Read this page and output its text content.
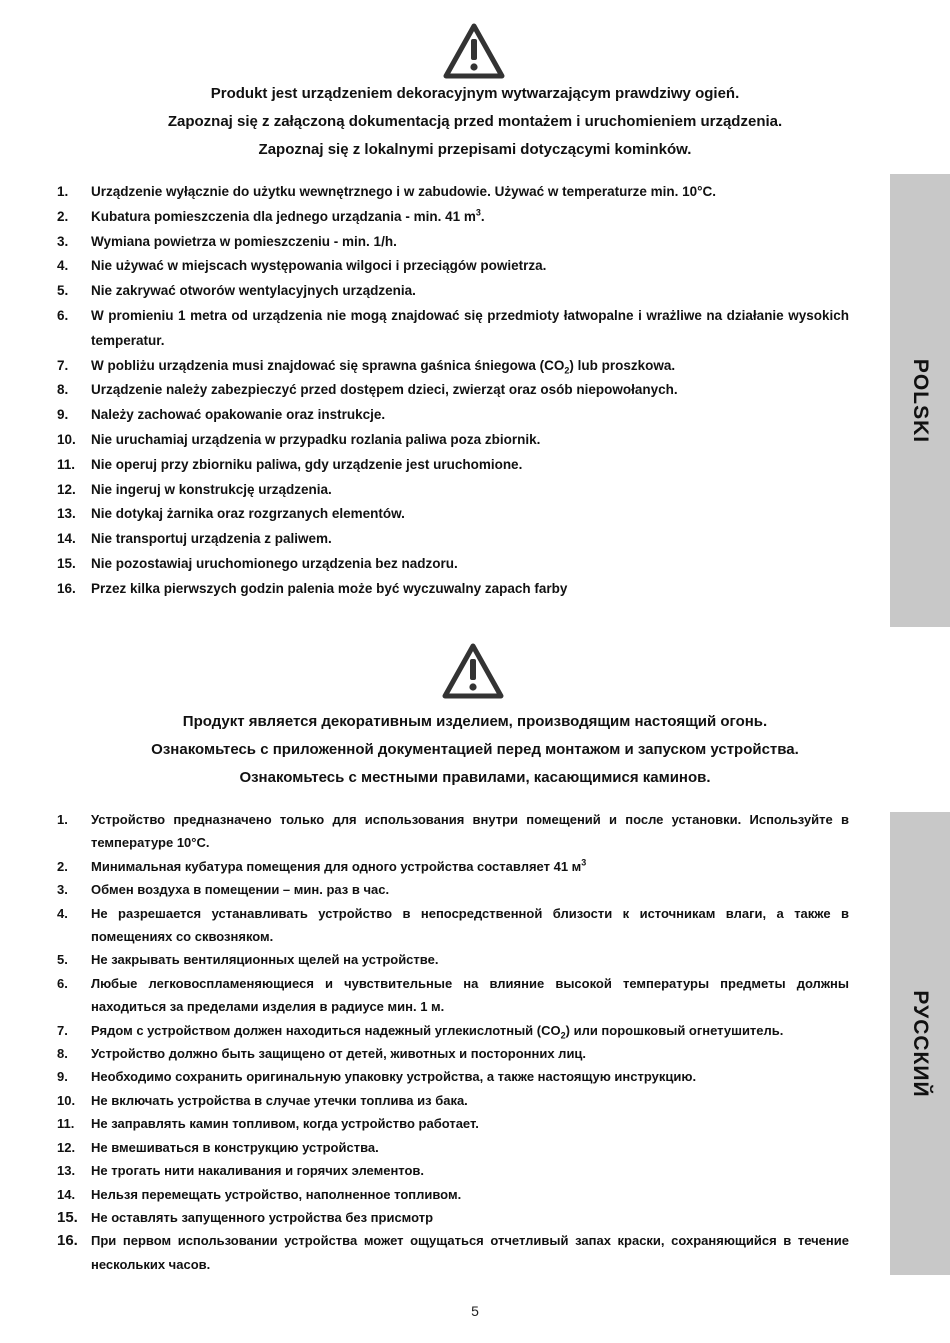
Produkt jest urządzeniem dekoracyjnym wytwarzającym prawdziwy ogień.
Zapoznaj się z załączoną dokumentacją przed montażem i uruchomieniem urządzenia.
Zapoznaj się z lokalnymi przepisami dotyczącymi kominków.
1.	Urządzenie wyłącznie do użytku wewnętrznego i w zabudowie. Używać w temperaturze min. 10°C.
2.	Kubatura pomieszczenia dla jednego urządzania - min. 41 $m^3$.
3.	Wymiana powietrza w pomieszczeniu - min. 1/h.
4.	Nie używać w miejscach występowania wilgoci i przeciągów powietrza.
5.	Nie zakrywać otworów wentylacyjnych urządzenia.
6.	W promieniu 1 metra od urządzenia nie mogą znajdować się przedmioty łatwopalne i wrażliwe na działanie wysokich temperatur.
7.	W pobliżu urządzenia musi znajdować się sprawna gaśnica śniegowa $(CO_2)$ lub proszkowa.
8.	Urządzenie należy zabezpieczyć przed dostępem dzieci, zwierząt oraz osób niepowołanych.
9.	Należy zachować opakowanie oraz instrukcje.
10.	Nie uruchamiaj urządzenia w przypadku rozlania paliwa poza zbiornik.
11.	Nie operuj przy zbiorniku paliwa, gdy urządzenie jest uruchomione.
12.	Nie ingeruj w konstrukcję urządzenia.
13.	Nie dotykaj żarnika oraz rozgrzanych elementów.
14.	Nie transportuj urządzenia z paliwem.
15.	Nie pozostawiaj uruchomionego urządzenia bez nadzoru.
16.	Przez kilka pierwszych godzin palenia może być wyczuwalny zapach farby
POLSKI
Продукт является декоративным изделием, производящим настоящий огонь.
Ознакомьтесь с приложенной документацией перед монтажом и запуском устройства.
Ознакомьтесь с местными правилами, касающимися каминов.
1.	Устройство предназначено только для использования внутри помещений и после установки. Используйте в температуре 10°C.
2.	Минимальная кубатура помещения для одного устройства составляет 41 $м^3$
3.	Обмен воздуха в помещении – мин. раз в час.
4.	Не разрешается устанавливать устройство в непосредственной близости к источникам влаги, а также в помещениях со сквозняком.
5.	Не закрывать вентиляционных щелей на устройстве.
6.	Любые легковоспламеняющиеся и чувствительные на влияние высокой температуры предметы должны находиться за пределами изделия в радиусе мин. 1 м.
7.	Рядом с устройством должен находиться надежный углекислотный $(CO_2)$ или порошковый огнетушитель.
8.	Устройство должно быть защищено от детей, животных и посторонних лиц.
9.	Необходимо сохранить оригинальную упаковку устройства, а также настоящую инструкцию.
10.	Не включать устройства в случае утечки топлива из бака.
11.	Не заправлять камин топливом, когда устройство работает.
12.	Не вмешиваться в конструкцию устройства.
13.	Не трогать нити накаливания и горячих элементов.
14.	Нельзя перемещать устройство, наполненное топливом.
15.	Не оставлять запущенного устройства без присмотр
16.	При первом использовании устройства может ощущаться отчетливый запах краски, сохраняющийся в течение нескольких часов.
РУССКИЙ
5
